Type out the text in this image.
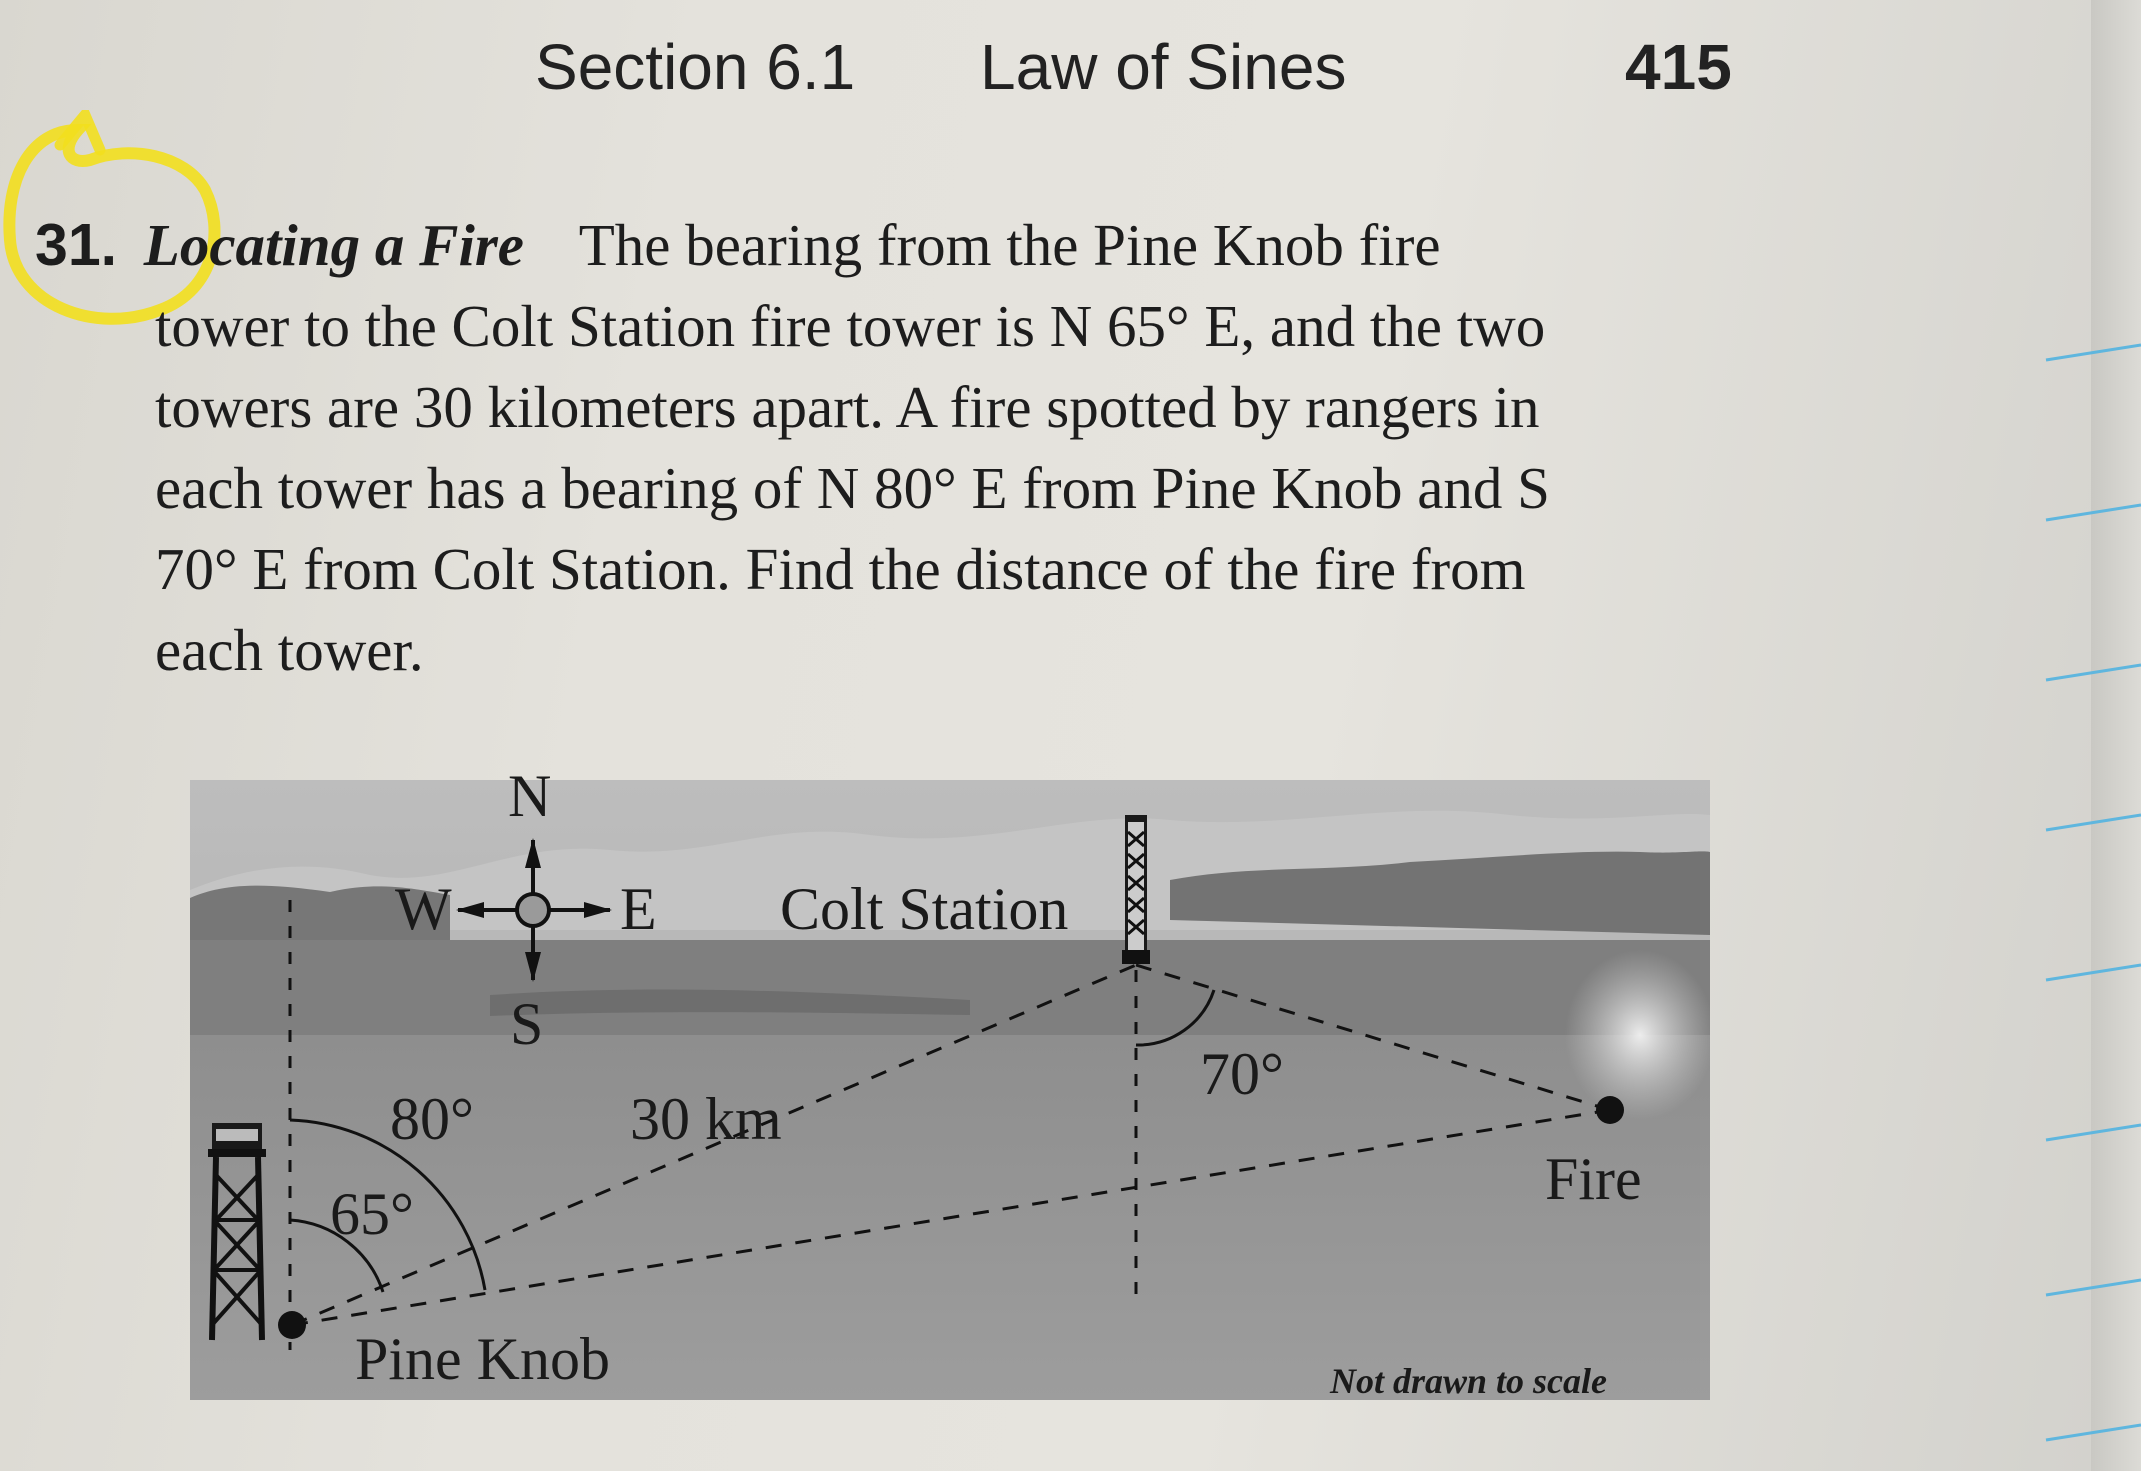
Section 6.1 Law of Sines	415
31. Locating a Fire The bearing from the Pine Knob fire
tower to the Colt Station fire tower is N 65° E, and the two
towers are 30 kilometers apart. A fire spotted by rangers in
each tower has a bearing of N 80° E from Pine Knob and S
70° E from Colt Station. Find the distance of the fire from
each tower.
N
S
W	E Colt Station
80°	30 km
65°
70°
Fire
Pine Knob	Not drawn to scale
